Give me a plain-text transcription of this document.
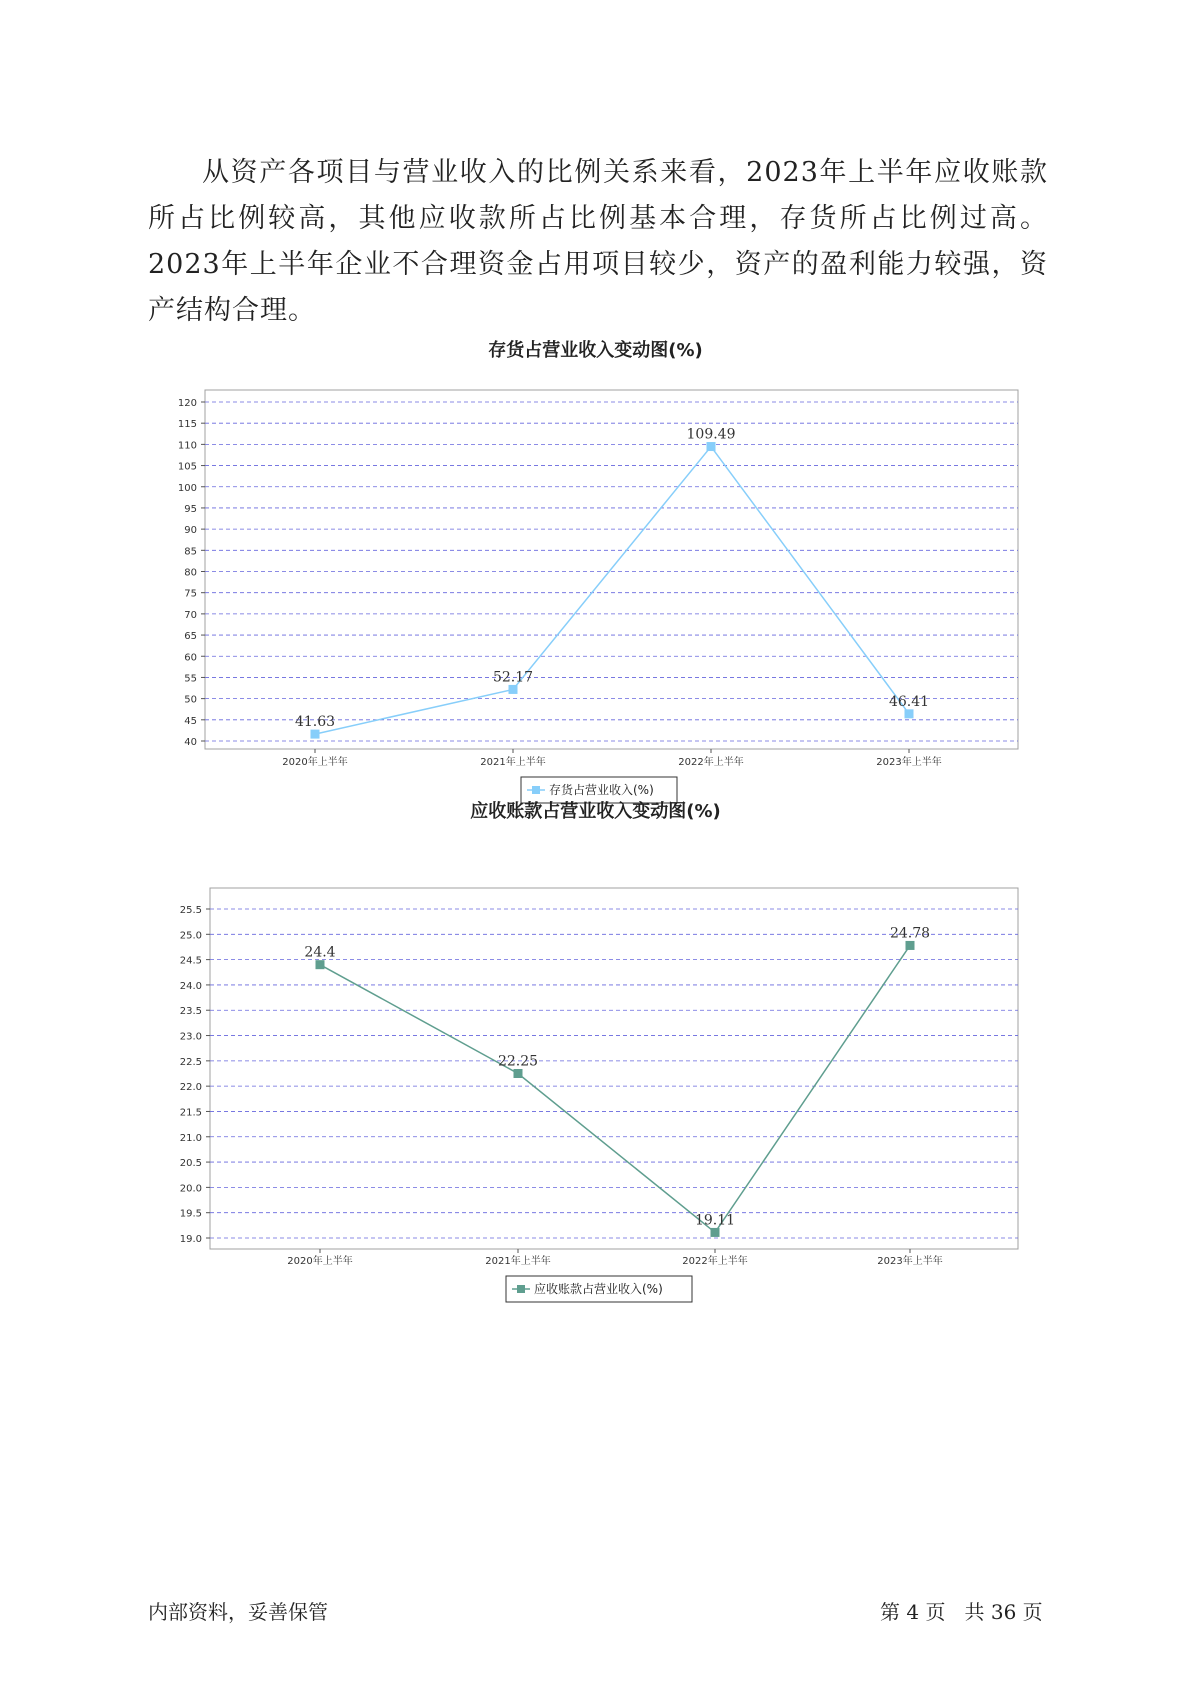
从资产各项目与营业收入的比例关系来看，2023年上半年应收账款所占比例较高，其他应收款所占比例基本合理，存货所占比例过高。2023年上半年企业不合理资金占用项目较少，资产的盈利能力较强，资产结构合理。

存货占营业收入变动图(%)
120
115
110
105
100
95
90
85
80
75
70
65
60
55
50
45
40
2020年上半年	2021年上半年	2022年上半年	2023年上半年
41.63
52.17
109.49
46.41
存货占营业收入(%)
应收账款占营业收入变动图(%)
25.5
25.0
24.5
24.0
23.5
23.0
22.5
22.0
21.5
21.0
20.5
20.0
19.5
19.0
2020年上半年	2021年上半年	2022年上半年	2023年上半年
24.4
22.25
19.11
24.78
应收账款占营业收入(%)
内部资料，妥善保管	第 4 页   共 36 页
